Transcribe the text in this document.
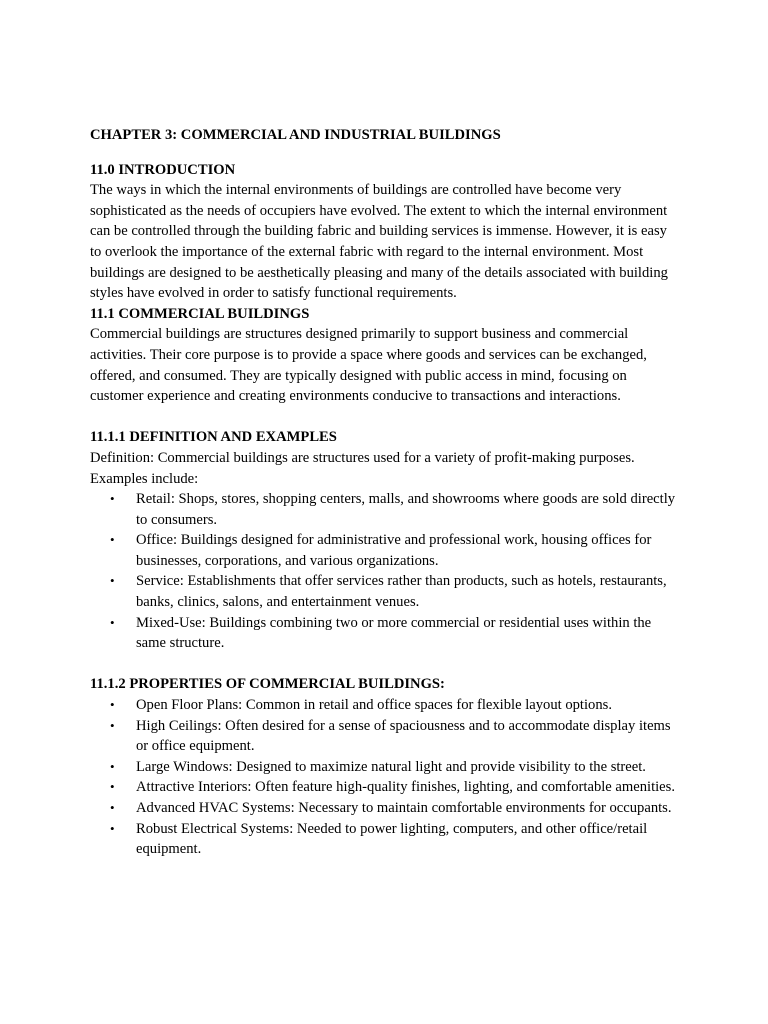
CHAPTER 3: COMMERCIAL AND INDUSTRIAL BUILDINGS
11.0 INTRODUCTION

The ways in which the internal environments of buildings are controlled have become very sophisticated as the needs of occupiers have evolved. The extent to which the internal environment can be controlled through the building fabric and building services is immense. However, it is easy to overlook the importance of the external fabric with regard to the internal environment. Most buildings are designed to be aesthetically pleasing and many of the details associated with building styles have evolved in order to satisfy functional requirements.

11.1 COMMERCIAL BUILDINGS

Commercial buildings are structures designed primarily to support business and commercial activities. Their core purpose is to provide a space where goods and services can be exchanged, offered, and consumed. They are typically designed with public access in mind, focusing on customer experience and creating environments conducive to transactions and interactions.

11.1.1 DEFINITION AND EXAMPLES

Definition: Commercial buildings are structures used for a variety of profit-making purposes. Examples include:

• Retail: Shops, stores, shopping centers, malls, and showrooms where goods are sold directly to consumers.
• Office: Buildings designed for administrative and professional work, housing offices for businesses, corporations, and various organizations.
• Service: Establishments that offer services rather than products, such as hotels, restaurants, banks, clinics, salons, and entertainment venues.
• Mixed-Use: Buildings combining two or more commercial or residential uses within the same structure.
11.1.2 PROPERTIES OF COMMERCIAL BUILDINGS:
• Open Floor Plans: Common in retail and office spaces for flexible layout options.
• High Ceilings: Often desired for a sense of spaciousness and to accommodate display items or office equipment.
• Large Windows: Designed to maximize natural light and provide visibility to the street.
• Attractive Interiors: Often feature high-quality finishes, lighting, and comfortable amenities.
• Advanced HVAC Systems: Necessary to maintain comfortable environments for occupants.
• Robust Electrical Systems: Needed to power lighting, computers, and other office/retail equipment.
